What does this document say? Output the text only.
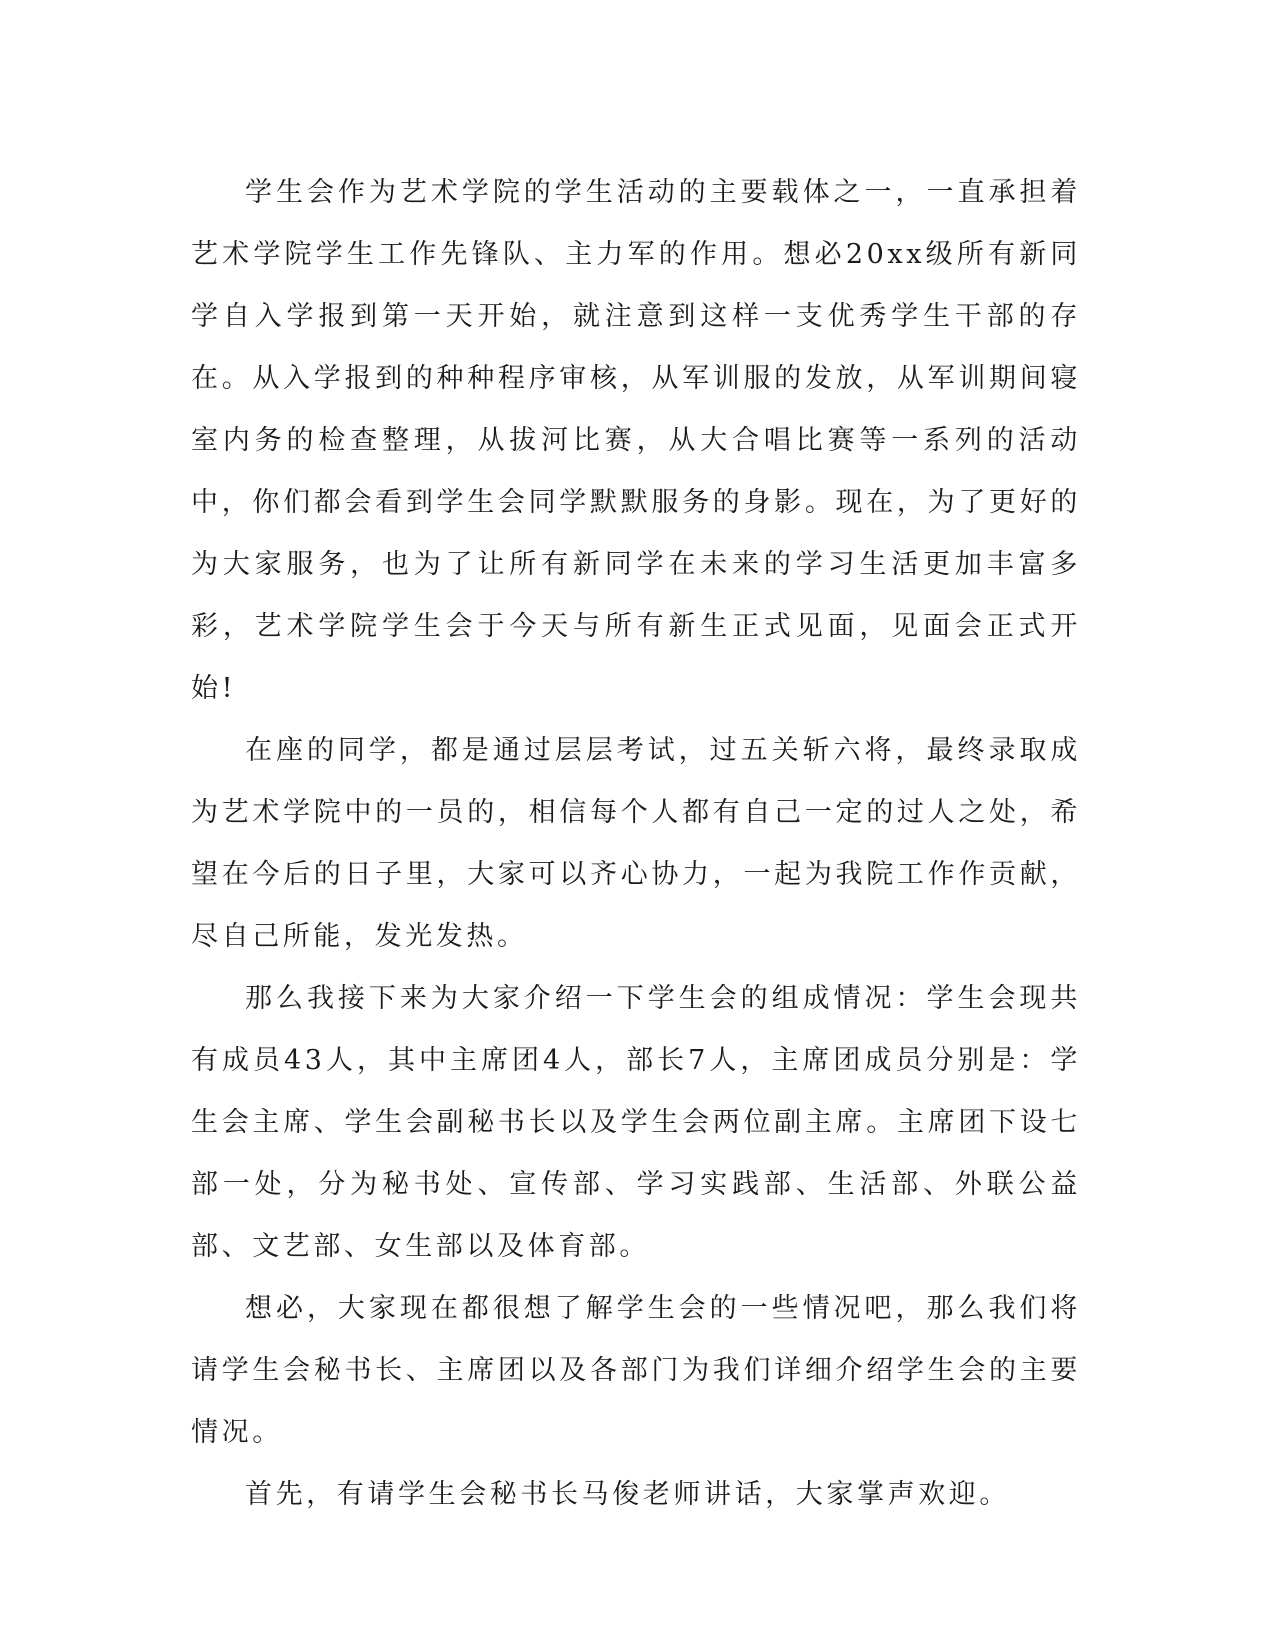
学生会作为艺术学院的学生活动的主要载体之一，一直承担着艺术学院学生工作先锋队、主力军的作用。想必20xx级所有新同学自入学报到第一天开始，就注意到这样一支优秀学生干部的存在。从入学报到的种种程序审核，从军训服的发放，从军训期间寝室内务的检查整理，从拔河比赛，从大合唱比赛等一系列的活动中，你们都会看到学生会同学默默服务的身影。现在，为了更好的为大家服务，也为了让所有新同学在未来的学习生活更加丰富多彩，艺术学院学生会于今天与所有新生正式见面，见面会正式开始!

在座的同学，都是通过层层考试，过五关斩六将，最终录取成为艺术学院中的一员的，相信每个人都有自己一定的过人之处，希望在今后的日子里，大家可以齐心协力，一起为我院工作作贡献，尽自己所能，发光发热。

那么我接下来为大家介绍一下学生会的组成情况：学生会现共有成员43人，其中主席团4人，部长7人，主席团成员分别是：学生会主席、学生会副秘书长以及学生会两位副主席。主席团下设七部一处，分为秘书处、宣传部、学习实践部、生活部、外联公益部、文艺部、女生部以及体育部。

想必，大家现在都很想了解学生会的一些情况吧，那么我们将请学生会秘书长、主席团以及各部门为我们详细介绍学生会的主要情况。

首先，有请学生会秘书长马俊老师讲话，大家掌声欢迎。
